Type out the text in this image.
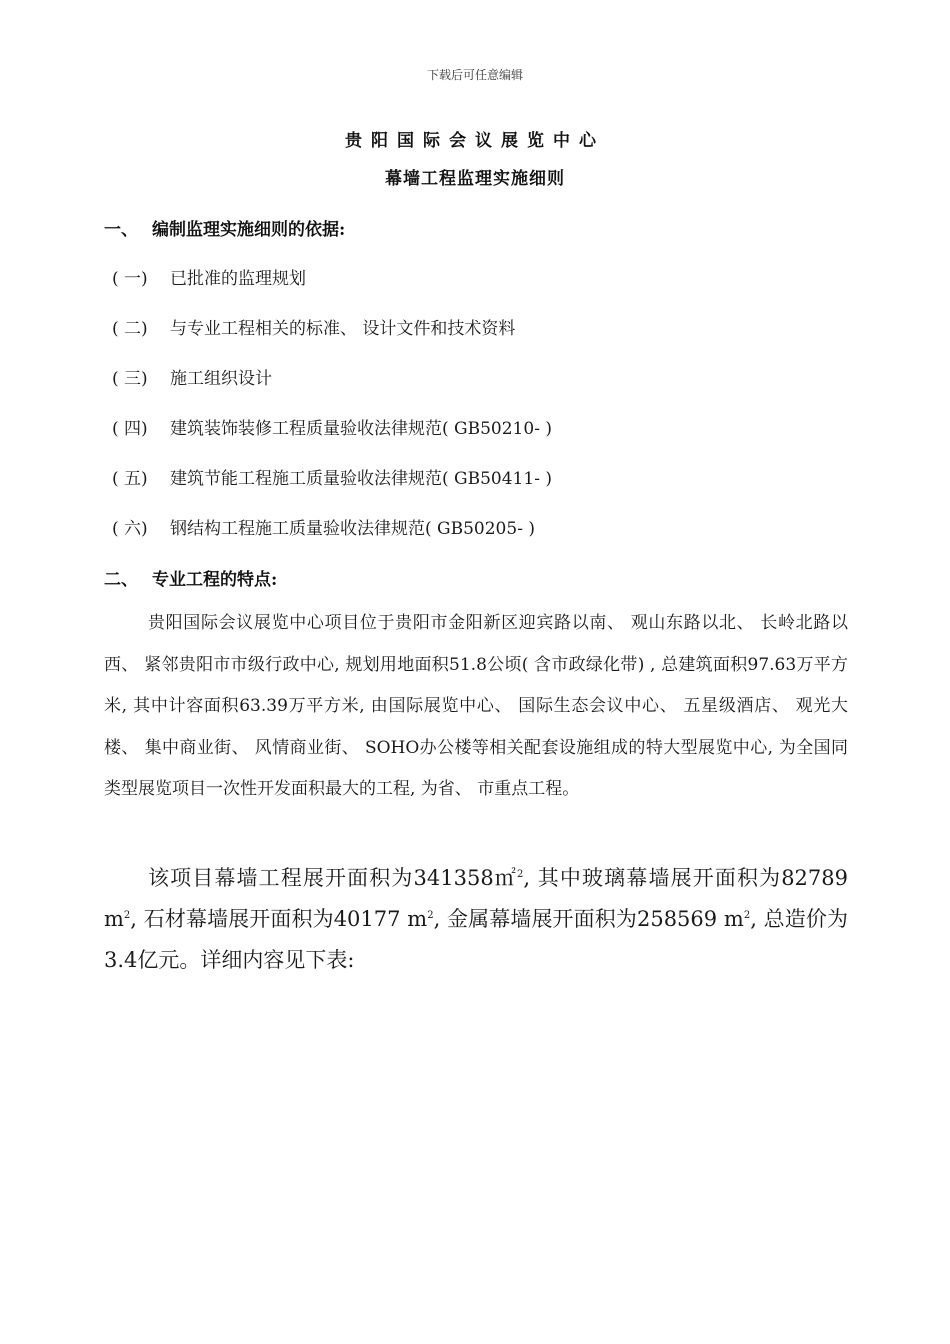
下载后可任意编辑
贵阳国际会议展览中心
幕墙工程监理实施细则
一、 编制监理实施细则的依据:
( 一) 已批准的监理规划
( 二) 与专业工程相关的标准、 设计文件和技术资料
( 三) 施工组织设计
( 四) 建筑装饰装修工程质量验收法律规范( GB50210- )
( 五) 建筑节能工程施工质量验收法律规范( GB50411- )
( 六) 钢结构工程施工质量验收法律规范( GB50205- )
二、 专业工程的特点:
贵阳国际会议展览中心项目位于贵阳市金阳新区迎宾路以南、 观山东路以北、 长岭北路以西、 紧邻贵阳市市级行政中心, 规划用地面积51.8公顷( 含市政绿化带) , 总建筑面积97.63万平方米, 其中计容面积63.39万平方米, 由国际展览中心、 国际生态会议中心、 五星级酒店、 观光大楼、 集中商业街、 风情商业街、 SOHO办公楼等相关配套设施组成的特大型展览中心, 为全国同类型展览项目一次性开发面积最大的工程, 为省、 市重点工程。
该项目幕墙工程展开面积为341358㎡$^2$, 其中玻璃幕墙展开面积为82789 $m^2$, 石材幕墙展开面积为40177 $m^2$, 金属幕墙展开面积为258569 $m^2$, 总造价为3.4亿元。详细内容见下表:
